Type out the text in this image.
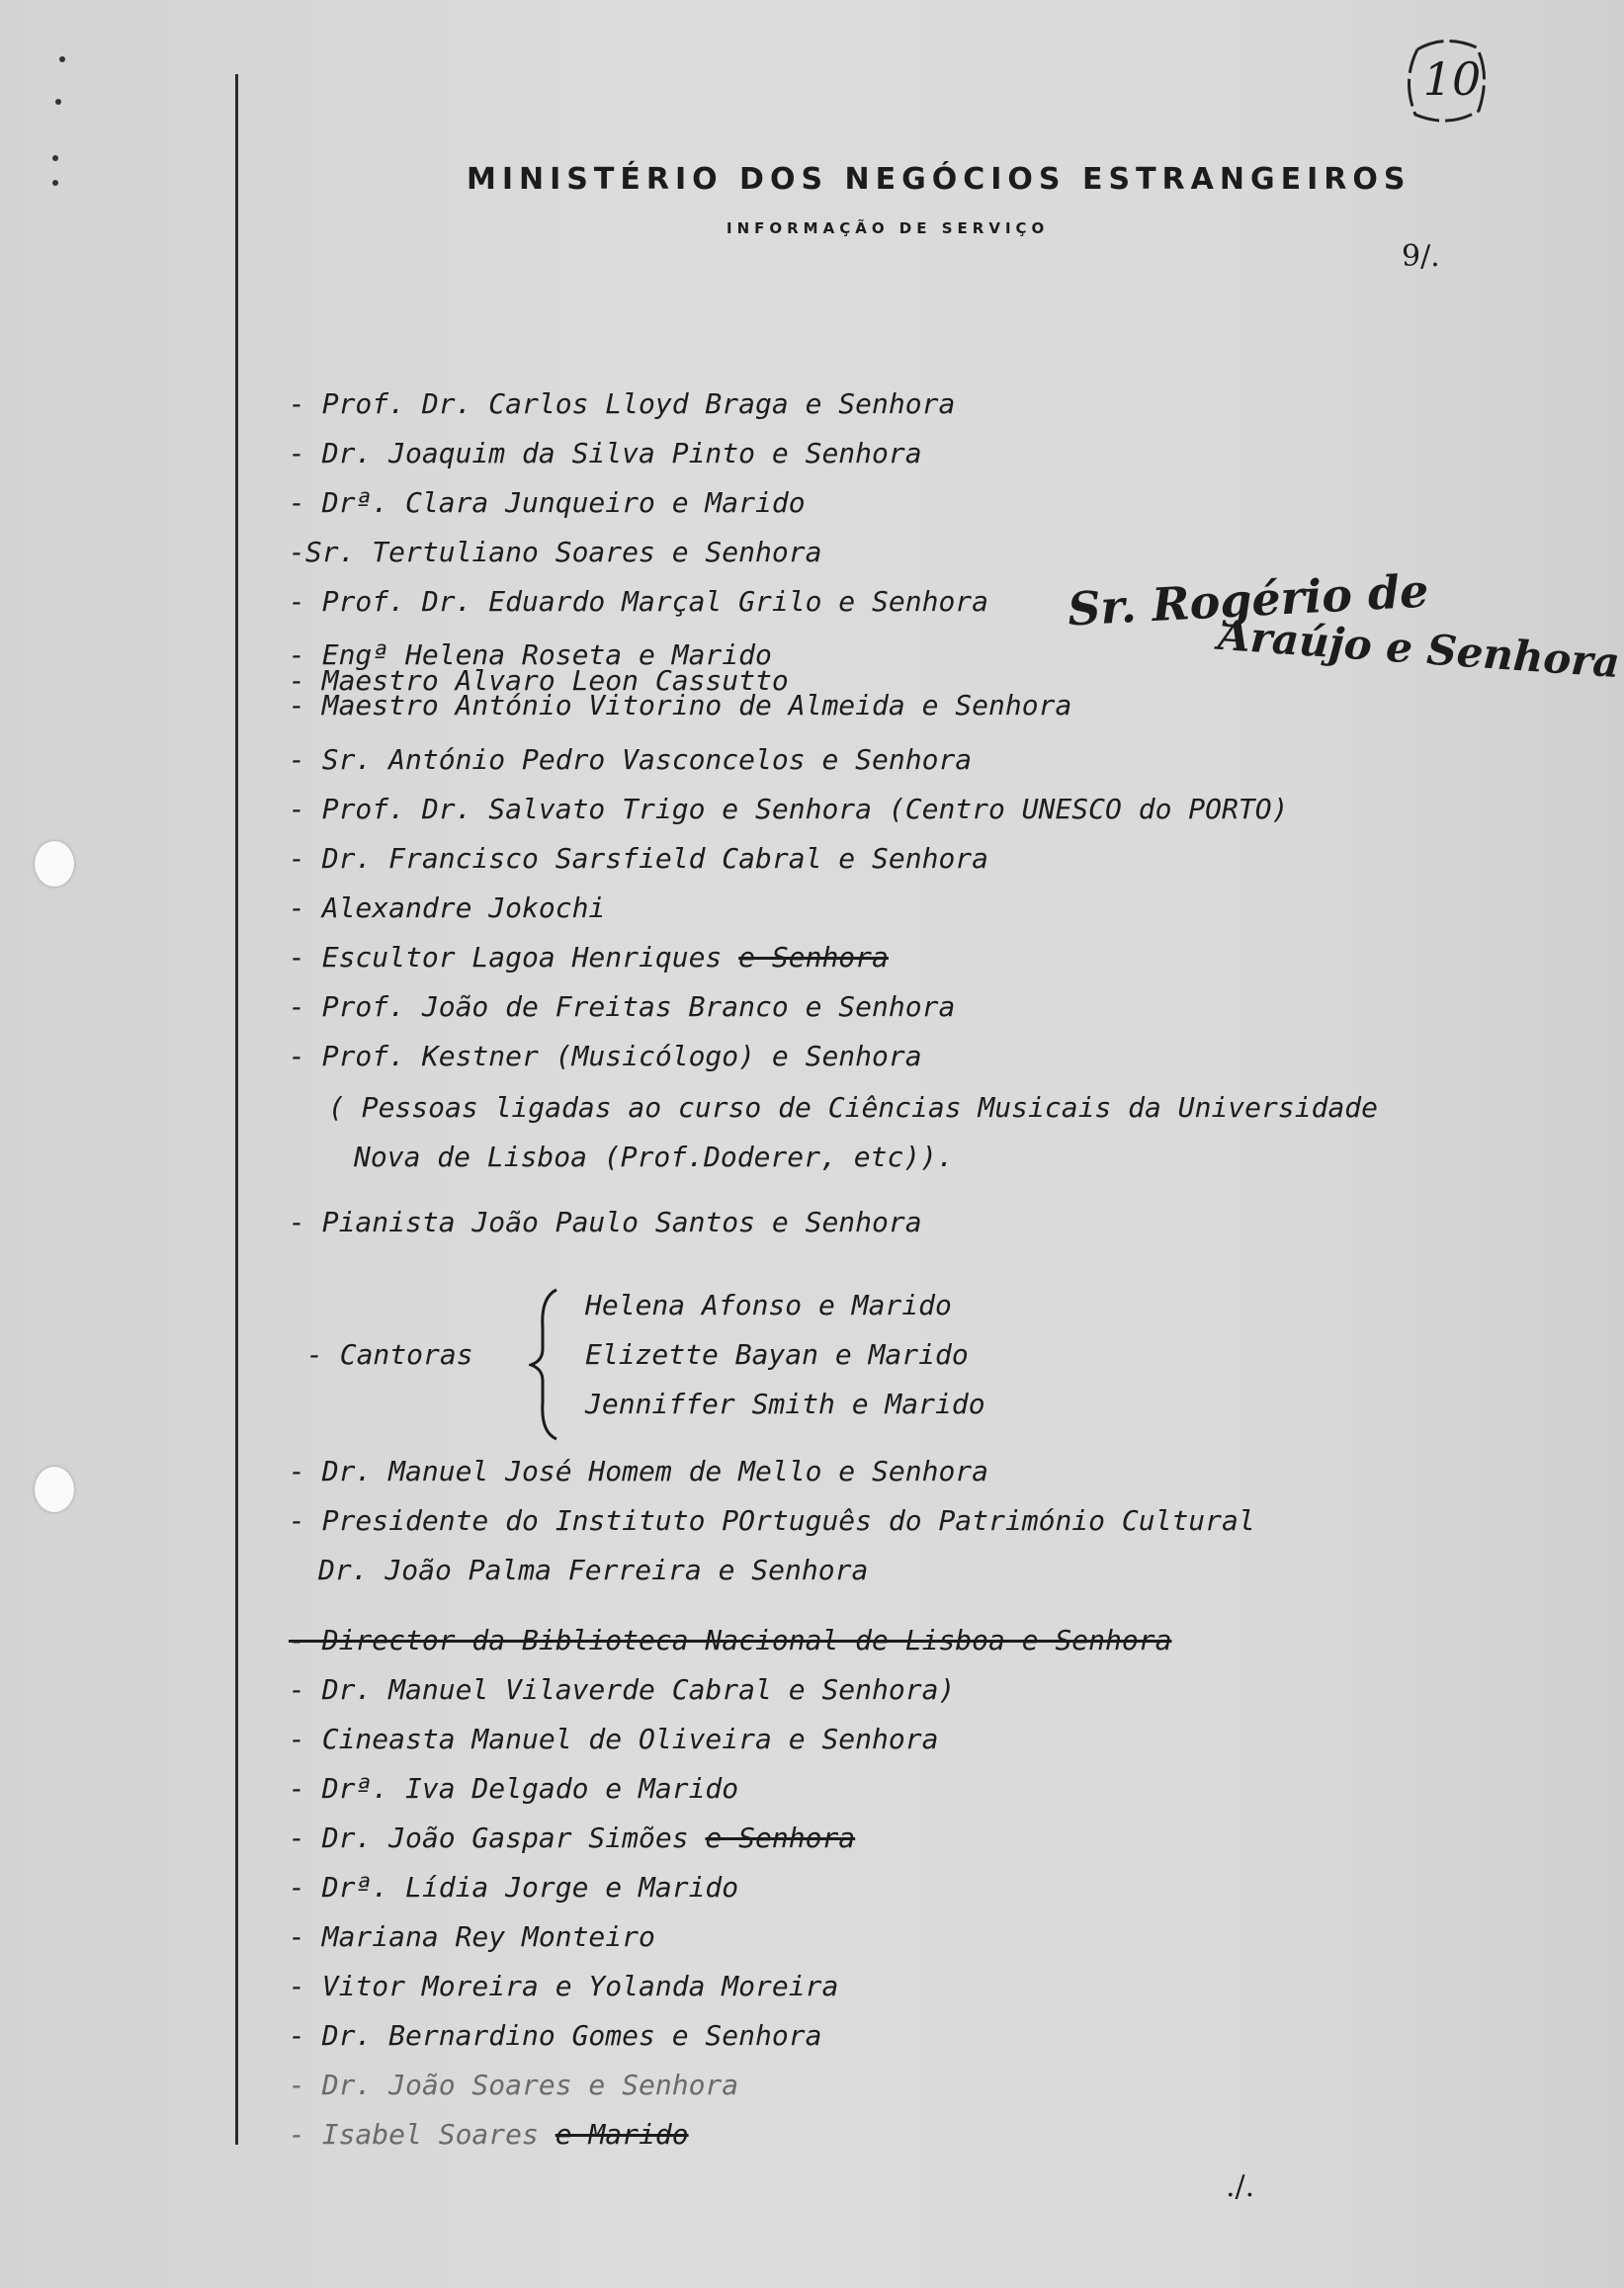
MINISTÉRIO DOS NEGÓCIOS ESTRANGEIROS
INFORMAÇÃO DE SERVIÇO
10
9/.
- Prof. Dr. Carlos Lloyd Braga e Senhora
- Dr. Joaquim da Silva Pinto e Senhora
- Drª. Clara Junqueiro e Marido
-Sr. Tertuliano Soares e Senhora
- Prof. Dr. Eduardo Marçal Grilo e Senhora
- Engª Helena Roseta e Marido
- Maestro Alvaro Leon Cassutto
- Maestro António Vitorino de Almeida e Senhora
- Sr. António Pedro Vasconcelos e Senhora
- Prof. Dr. Salvato Trigo e Senhora (Centro UNESCO do PORTO)
- Dr. Francisco Sarsfield Cabral e Senhora
- Alexandre Jokochi
- Escultor Lagoa Henriques e Senhora
- Prof. João de Freitas Branco e Senhora
- Prof. Kestner (Musicólogo) e Senhora
( Pessoas ligadas ao curso de Ciências Musicais da Universidade
Nova de Lisboa (Prof.Doderer, etc)).
- Pianista João Paulo Santos e Senhora
- Cantoras
Helena Afonso e Marido
Elizette Bayan e Marido
Jenniffer Smith e Marido
- Dr. Manuel José Homem de Mello e Senhora
- Presidente do Instituto POrtuguês do Património Cultural
Dr. João Palma Ferreira e Senhora
- Director da Biblioteca Nacional de Lisboa e Senhora
- Dr. Manuel Vilaverde Cabral e Senhora)
- Cineasta Manuel de Oliveira e Senhora
- Drª. Iva Delgado e Marido
- Dr. João Gaspar Simões e Senhora
- Drª. Lídia Jorge e Marido
- Mariana Rey Monteiro
- Vitor Moreira e Yolanda Moreira
- Dr. Bernardino Gomes e Senhora
- Dr. João Soares e Senhora
- Isabel Soares e Marido
Sr. Rogério de
Araújo e Senhora
./.
